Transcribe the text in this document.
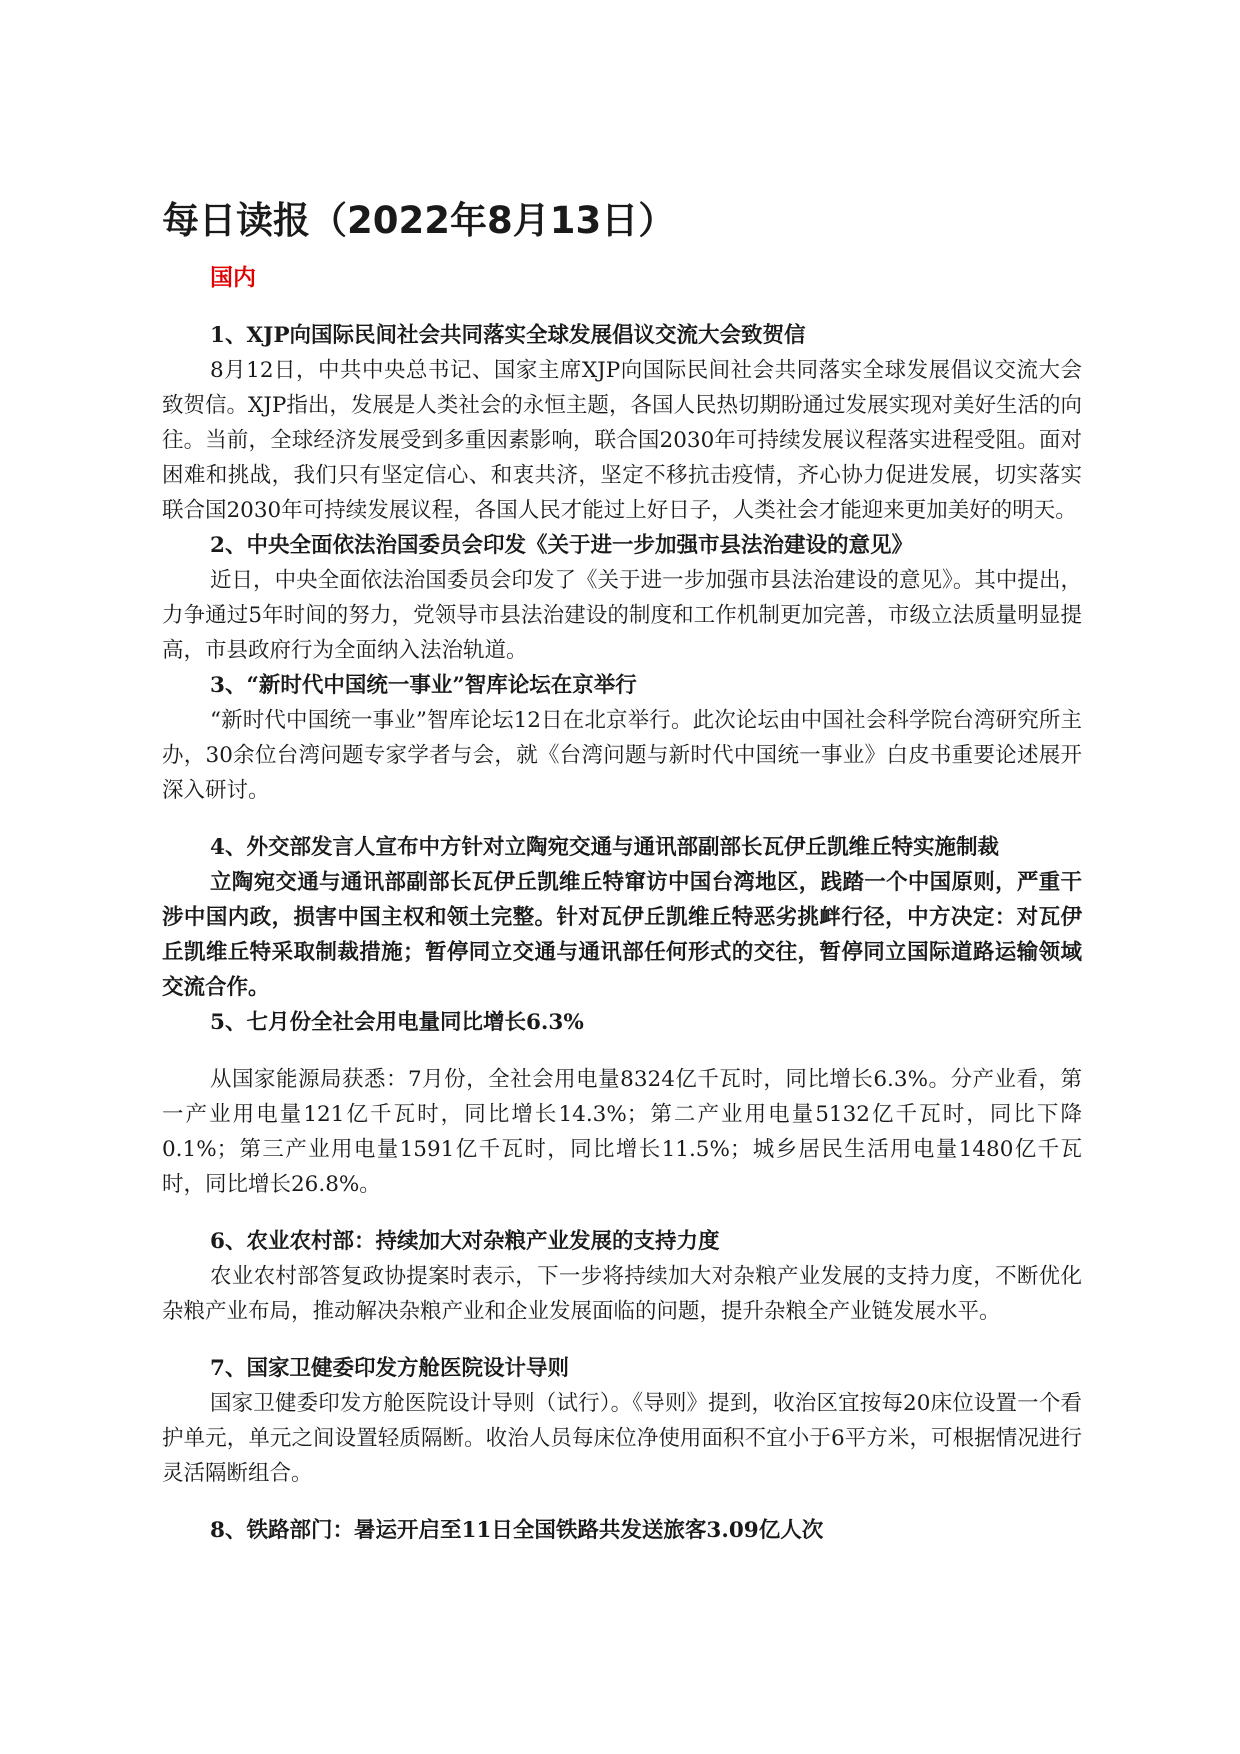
每日读报（2022年8月13日）
国内

1、XJP向国际民间社会共同落实全球发展倡议交流大会致贺信

8月12日，中共中央总书记、国家主席XJP向国际民间社会共同落实全球发展倡议交流大会致贺信。XJP指出，发展是人类社会的永恒主题，各国人民热切期盼通过发展实现对美好生活的向往。当前，全球经济发展受到多重因素影响，联合国2030年可持续发展议程落实进程受阻。面对困难和挑战，我们只有坚定信心、和衷共济，坚定不移抗击疫情，齐心协力促进发展，切实落实联合国2030年可持续发展议程，各国人民才能过上好日子，人类社会才能迎来更加美好的明天。

2、中央全面依法治国委员会印发《关于进一步加强市县法治建设的意见》

近日，中央全面依法治国委员会印发了《关于进一步加强市县法治建设的意见》。其中提出，力争通过5年时间的努力，党领导市县法治建设的制度和工作机制更加完善，市级立法质量明显提高，市县政府行为全面纳入法治轨道。

3、“新时代中国统一事业”智库论坛在京举行

“新时代中国统一事业”智库论坛12日在北京举行。此次论坛由中国社会科学院台湾研究所主办，30余位台湾问题专家学者与会，就《台湾问题与新时代中国统一事业》白皮书重要论述展开深入研讨。

4、外交部发言人宣布中方针对立陶宛交通与通讯部副部长瓦伊丘凯维丘特实施制裁

立陶宛交通与通讯部副部长瓦伊丘凯维丘特窜访中国台湾地区，践踏一个中国原则，严重干涉中国内政，损害中国主权和领土完整。针对瓦伊丘凯维丘特恶劣挑衅行径，中方决定：对瓦伊丘凯维丘特采取制裁措施；暂停同立交通与通讯部任何形式的交往，暂停同立国际道路运输领域交流合作。

5、七月份全社会用电量同比增长6.3%

从国家能源局获悉：7月份，全社会用电量8324亿千瓦时，同比增长6.3%。分产业看，第一产业用电量121亿千瓦时，同比增长14.3%；第二产业用电量5132亿千瓦时，同比下降0.1%；第三产业用电量1591亿千瓦时，同比增长11.5%；城乡居民生活用电量1480亿千瓦时，同比增长26.8%。

6、农业农村部：持续加大对杂粮产业发展的支持力度

农业农村部答复政协提案时表示，下一步将持续加大对杂粮产业发展的支持力度，不断优化杂粮产业布局，推动解决杂粮产业和企业发展面临的问题，提升杂粮全产业链发展水平。

7、国家卫健委印发方舱医院设计导则

国家卫健委印发方舱医院设计导则（试行）。《导则》提到，收治区宜按每20床位设置一个看护单元，单元之间设置轻质隔断。收治人员每床位净使用面积不宜小于6平方米，可根据情况进行灵活隔断组合。

8、铁路部门：暑运开启至11日全国铁路共发送旅客3.09亿人次
